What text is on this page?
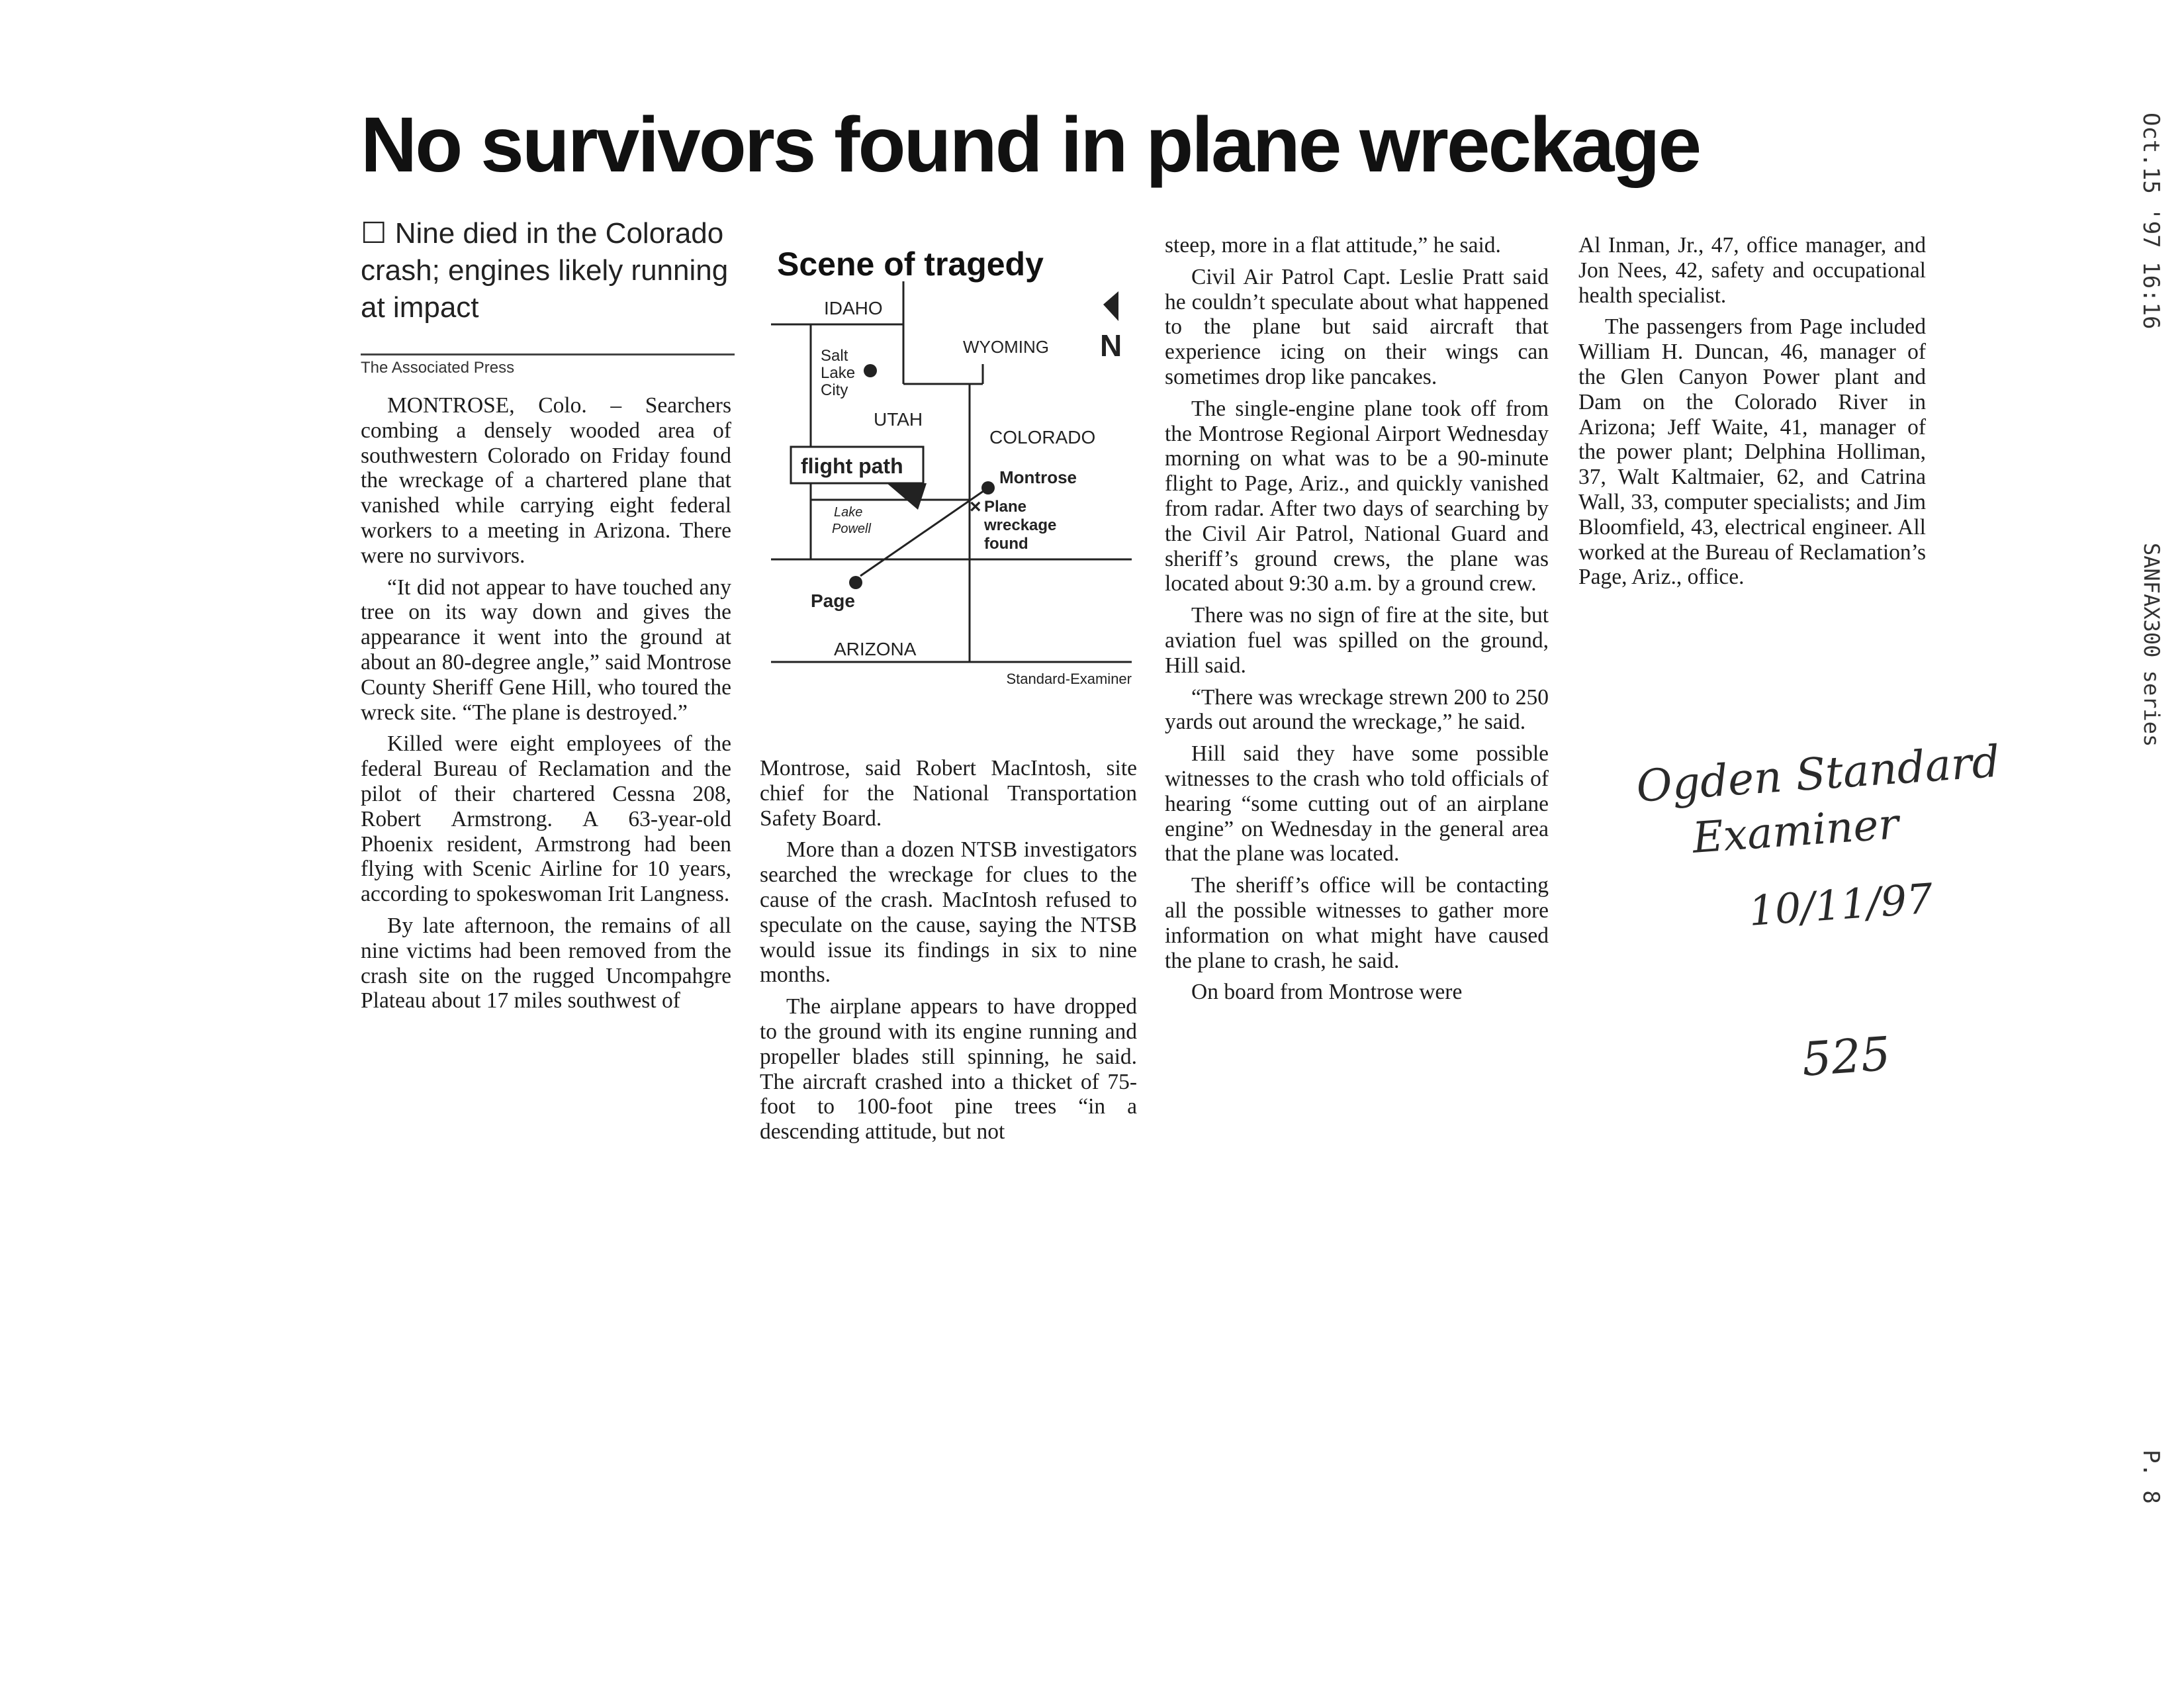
No survivors found in plane wreckage
☐ Nine died in the Colorado crash; engines likely running at impact
The Associated Press

MONTROSE, Colo. – Searchers combing a densely wooded area of southwestern Colorado on Friday found the wreckage of a chartered plane that vanished while carrying eight federal workers to a meeting in Arizona. There were no survivors.

“It did not appear to have touched any tree on its way down and gives the appearance it went into the ground at about an 80-degree angle,” said Montrose County Sheriff Gene Hill, who toured the wreck site. “The plane is destroyed.”

Killed were eight employees of the federal Bureau of Reclamation and the pilot of their chartered Cessna 208, Robert Armstrong. A 63-year-old Phoenix resident, Armstrong had been flying with Scenic Airline for 10 years, according to spokeswoman Irit Langness.

By late afternoon, the remains of all nine victims had been removed from the crash site on the rugged Uncompahgre Plateau about 17 miles southwest of

Scene of tragedy
IDAHO
WYOMING N
Salt
Lake
City
UTAH
COLORADO
flight path	Montrose
× Plane
wreckage
found
Lake
Powell
Page
ARIZONA
Standard-Examiner

Montrose, said Robert MacIntosh, site chief for the National Transportation Safety Board.

More than a dozen NTSB investigators searched the wreckage for clues to the cause of the crash. MacIntosh refused to speculate on the cause, saying the NTSB would issue its findings in six to nine months.

The airplane appears to have dropped to the ground with its engine running and propeller blades still spinning, he said. The aircraft crashed into a thicket of 75-foot to 100-foot pine trees “in a descending attitude, but not

steep, more in a flat attitude,” he said.

Civil Air Patrol Capt. Leslie Pratt said he couldn’t speculate about what happened to the plane but said aircraft that experience icing on their wings can sometimes drop like pancakes.

The single-engine plane took off from the Montrose Regional Airport Wednesday morning on what was to be a 90-minute flight to Page, Ariz., and quickly vanished from radar. After two days of searching by the Civil Air Patrol, National Guard and sheriff’s ground crews, the plane was located about 9:30 a.m. by a ground crew.

There was no sign of fire at the site, but aviation fuel was spilled on the ground, Hill said.

“There was wreckage strewn 200 to 250 yards out around the wreckage,” he said.

Hill said they have some possible witnesses to the crash who told officials of hearing “some cutting out of an airplane engine” on Wednesday in the general area that the plane was located.

The sheriff’s office will be contacting all the possible witnesses to gather more information on what might have caused the plane to crash, he said.

On board from Montrose were

Al Inman, Jr., 47, office manager, and Jon Nees, 42, safety and occupational health specialist.

The passengers from Page included William H. Duncan, 46, manager of the Glen Canyon Power plant and Dam on the Colorado River in Arizona; Jeff Waite, 41, manager of the power plant; Delphina Holliman, 37, Walt Kaltmaier, 62, and Catrina Wall, 33, computer specialists; and Jim Bloomfield, 43, electrical engineer. All worked at the Bureau of Reclamation’s Page, Ariz., office.

Oct.15 '97 16:16
SANFAX300 series
P. 8
Ogden Standard
Examiner
10/11/97
525
